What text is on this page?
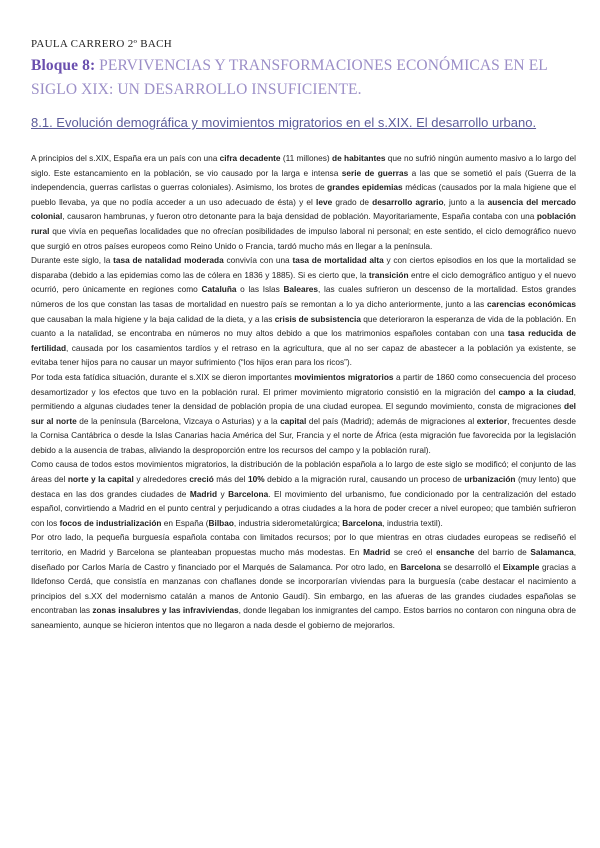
PAULA CARRERO 2º BACH
Bloque 8: PERVIVENCIAS Y TRANSFORMACIONES ECONÓMICAS EN EL SIGLO XIX: UN DESARROLLO INSUFICIENTE.
8.1. Evolución demográfica y movimientos migratorios en el s.XIX. El desarrollo urbano.

A principios del s.XIX, España era un país con una cifra decadente (11 millones) de habitantes que no sufrió ningún aumento masivo a lo largo del siglo. Este estancamiento en la población, se vio causado por la larga e intensa serie de guerras a las que se sometió el país (Guerra de la independencia, guerras carlistas o guerras coloniales). Asimismo, los brotes de grandes epidemias médicas (causados por la mala higiene que el pueblo llevaba, ya que no podía acceder a un uso adecuado de ésta) y el leve grado de desarrollo agrario, junto a la ausencia del mercado colonial, causaron hambrunas, y fueron otro detonante para la baja densidad de población. Mayoritariamente, España contaba con una población rural que vivía en pequeñas localidades que no ofrecían posibilidades de impulso laboral ni personal; en este sentido, el ciclo demográfico nuevo que surgió en otros países europeos como Reino Unido o Francia, tardó mucho más en llegar a la península.

Durante este siglo, la tasa de natalidad moderada convivía con una tasa de mortalidad alta y con ciertos episodios en los que la mortalidad se disparaba (debido a las epidemias como las de cólera en 1836 y 1885). Si es cierto que, la transición entre el ciclo demográfico antiguo y el nuevo ocurrió, pero únicamente en regiones como Cataluña o las Islas Baleares, las cuales sufrieron un descenso de la mortalidad. Estos grandes números de los que constan las tasas de mortalidad en nuestro país se remontan a lo ya dicho anteriormente, junto a las carencias económicas que causaban la mala higiene y la baja calidad de la dieta, y a las crisis de subsistencia que deterioraron la esperanza de vida de la población. En cuanto a la natalidad, se encontraba en números no muy altos debido a que los matrimonios españoles contaban con una tasa reducida de fertilidad, causada por los casamientos tardíos y el retraso en la agricultura, que al no ser capaz de abastecer a la población ya existente, se evitaba tener hijos para no causar un mayor sufrimiento (“los hijos eran para los ricos”).

Por toda esta fatídica situación, durante el s.XIX se dieron importantes movimientos migratorios a partir de 1860 como consecuencia del proceso desamortizador y los efectos que tuvo en la población rural. El primer movimiento migratorio consistió en la migración del campo a la ciudad, permitiendo a algunas ciudades tener la densidad de población propia de una ciudad europea. El segundo movimiento, consta de migraciones del sur al norte de la península (Barcelona, Vizcaya o Asturias) y a la capital del país (Madrid); además de migraciones al exterior, frecuentes desde la Cornisa Cantábrica o desde la Islas Canarias hacia América del Sur, Francia y el norte de África (esta migración fue favorecida por la legislación debido a la ausencia de trabas, aliviando la desproporción entre los recursos del campo y la población rural).

Como causa de todos estos movimientos migratorios, la distribución de la población española a lo largo de este siglo se modificó; el conjunto de las áreas del norte y la capital y alrededores creció más del 10% debido a la migración rural, causando un proceso de urbanización (muy lento) que destaca en las dos grandes ciudades de Madrid y Barcelona. El movimiento del urbanismo, fue condicionado por la centralización del estado español, convirtiendo a Madrid en el punto central y perjudicando a otras ciudades a la hora de poder crecer a nivel europeo; que también sufrieron con los focos de industrialización en España (Bilbao, industria siderometalúrgica; Barcelona, industria textil).

Por otro lado, la pequeña burguesía española contaba con limitados recursos; por lo que mientras en otras ciudades europeas se rediseñó el territorio, en Madrid y Barcelona se planteaban propuestas mucho más modestas. En Madrid se creó el ensanche del barrio de Salamanca, diseñado por Carlos María de Castro y financiado por el Marqués de Salamanca. Por otro lado, en Barcelona se desarrolló el Eixample gracias a Ildefonso Cerdá, que consistía en manzanas con chaflanes donde se incorporarían viviendas para la burguesía (cabe destacar el nacimiento a principios del s.XX del modernismo catalán a manos de Antonio Gaudí). Sin embargo, en las afueras de las grandes ciudades españolas se encontraban las zonas insalubres y las infraviviendas, donde llegaban los inmigrantes del campo. Estos barrios no contaron con ninguna obra de saneamiento, aunque se hicieron intentos que no llegaron a nada desde el gobierno de mejorarlos.
